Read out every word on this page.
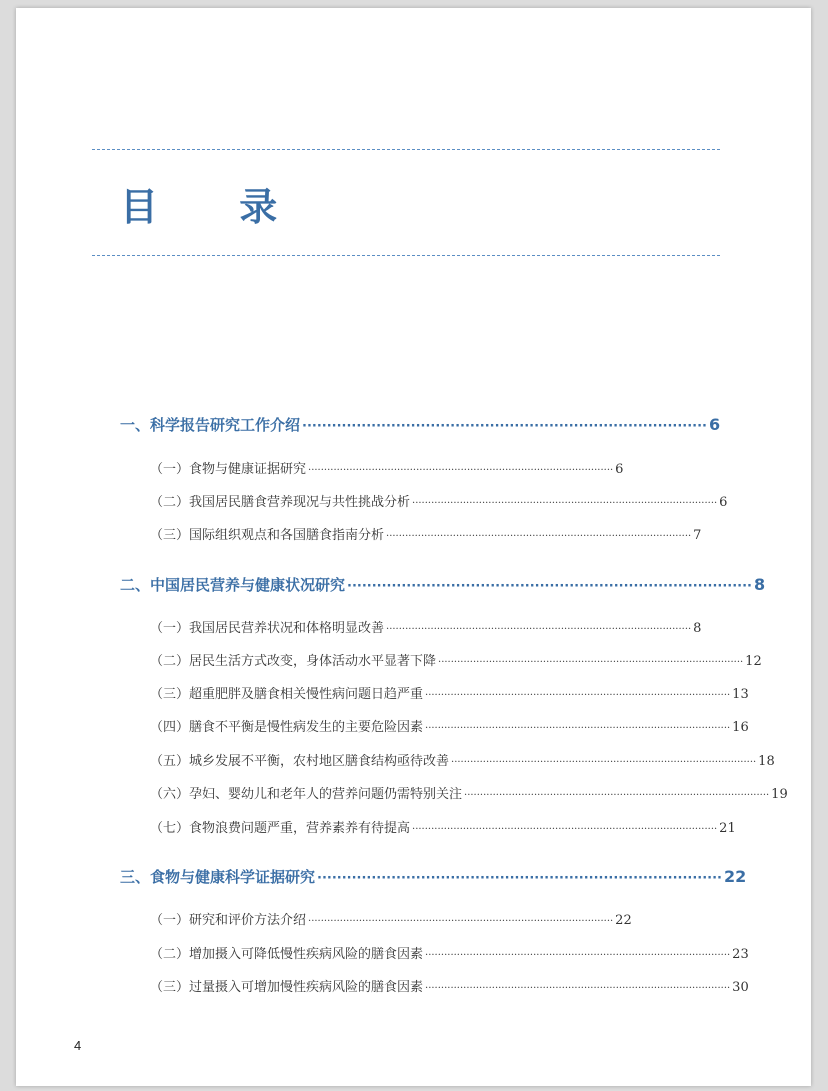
目 录
一、科学报告研究工作介绍 ·················································································· 6
（一）食物与健康证据研究 ································································································ 6
（二）我国居民膳食营养现况与共性挑战分析 ································································································ 6
（三）国际组织观点和各国膳食指南分析 ································································································ 7
二、中国居民营养与健康状况研究 ·················································································· 8
（一）我国居民营养状况和体格明显改善 ································································································ 8
（二）居民生活方式改变，身体活动水平显著下降 ································································································ 12
（三）超重肥胖及膳食相关慢性病问题日趋严重 ································································································ 13
（四）膳食不平衡是慢性病发生的主要危险因素 ································································································ 16
（五）城乡发展不平衡，农村地区膳食结构亟待改善 ································································································ 18
（六）孕妇、婴幼儿和老年人的营养问题仍需特别关注 ································································································ 19
（七）食物浪费问题严重，营养素养有待提高 ································································································ 21
三、食物与健康科学证据研究 ·················································································· 22
（一）研究和评价方法介绍 ································································································ 22
（二）增加摄入可降低慢性疾病风险的膳食因素 ································································································ 23
（三）过量摄入可增加慢性疾病风险的膳食因素 ································································································ 30
4
